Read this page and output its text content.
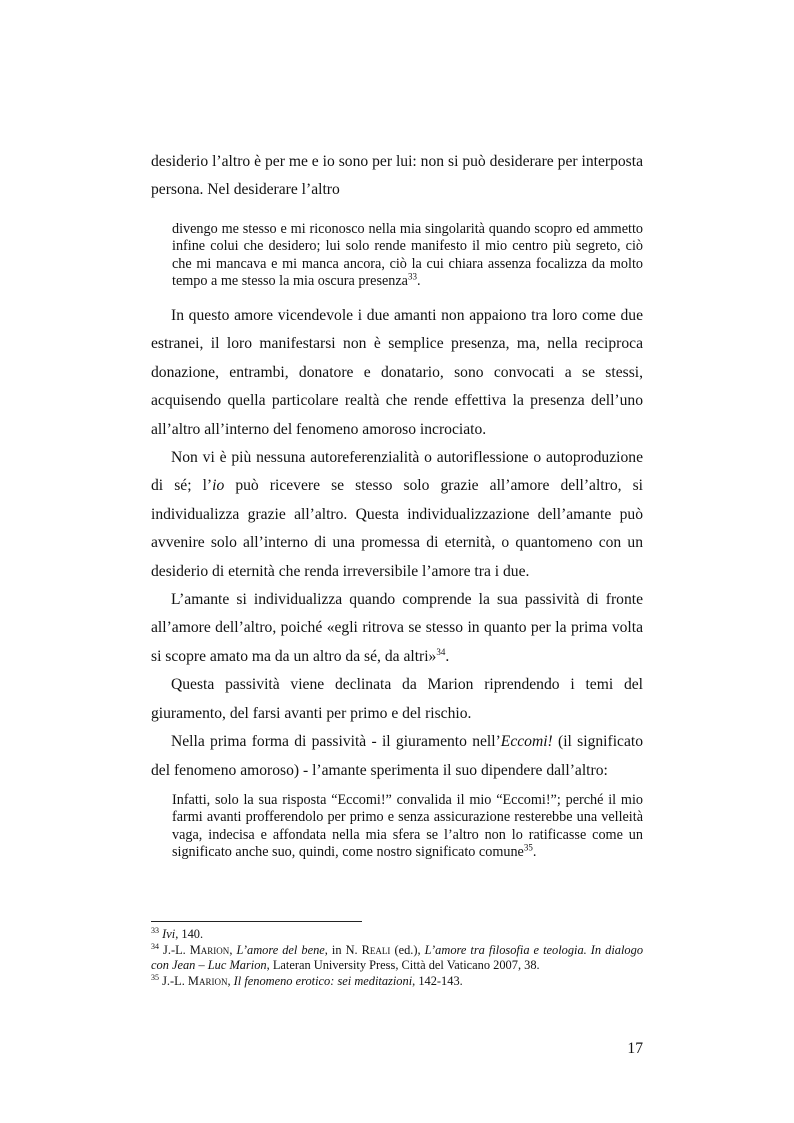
desiderio l’altro è per me e io sono per lui: non si può desiderare per interposta

persona. Nel desiderare l’altro

divengo me stesso e mi riconosco nella mia singolarità quando scopro ed ammetto infine colui che desidero; lui solo rende manifesto il mio centro più segreto, ciò che mi mancava e mi manca ancora, ciò la cui chiara assenza focalizza da molto tempo a me stesso la mia oscura presenza$^{33}$.

In questo amore vicendevole i due amanti non appaiono tra loro come due estranei, il loro manifestarsi non è semplice presenza, ma, nella reciproca donazione, entrambi, donatore e donatario, sono convocati a se stessi, acquisendo quella particolare realtà che rende effettiva la presenza dell’uno all’altro all’interno del fenomeno amoroso incrociato.

Non vi è più nessuna autoreferenzialità o autoriflessione o autoproduzione di sé; l’io può ricevere se stesso solo grazie all’amore dell’altro, si individualizza grazie all’altro. Questa individualizzazione dell’amante può avvenire solo all’interno di una promessa di eternità, o quantomeno con un desiderio di eternità che renda irreversibile l’amore tra i due.

L’amante si individualizza quando comprende la sua passività di fronte all’amore dell’altro, poiché «egli ritrova se stesso in quanto per la prima volta si scopre amato ma da un altro da sé, da altri»$^{34}$.

Questa passività viene declinata da Marion riprendendo i temi del giuramento, del farsi avanti per primo e del rischio.

Nella prima forma di passività - il giuramento nell’Eccomi! (il significato del fenomeno amoroso) - l’amante sperimenta il suo dipendere dall’altro:

Infatti, solo la sua risposta “Eccomi!” convalida il mio “Eccomi!”; perché il mio farmi avanti profferendolo per primo e senza assicurazione resterebbe una velleità vaga, indecisa e affondata nella mia sfera se l’altro non lo ratificasse come un significato anche suo, quindi, come nostro significato comune$^{35}$.

$^{33}$ Ivi, 140.

$^{34}$ J.-L. Marion, L’amore del bene, in N. Reali (ed.), L’amore tra filosofia e teologia. In dialogo con Jean – Luc Marion, Lateran University Press, Città del Vaticano 2007, 38.

$^{35}$ J.-L. Marion, Il fenomeno erotico: sei meditazioni, 142-143.

17
